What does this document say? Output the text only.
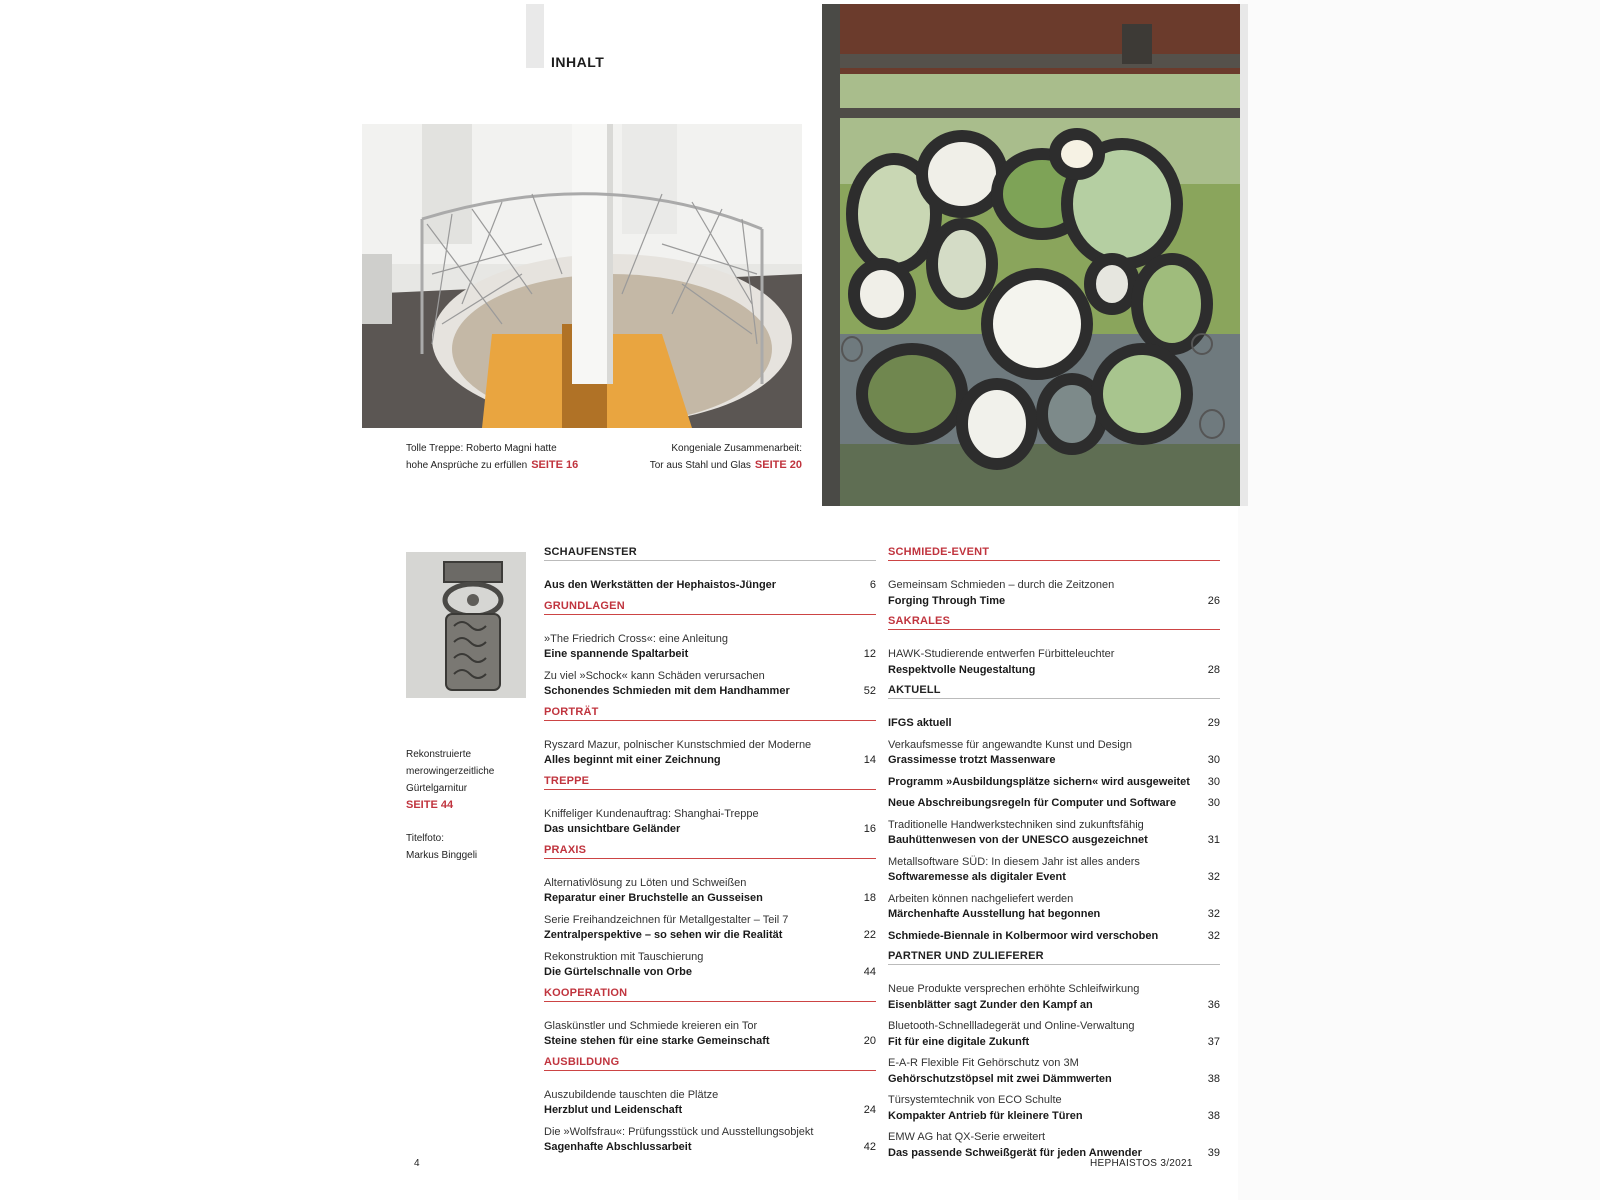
INHALT
Tolle Treppe: Roberto Magni hatte
hohe Ansprüche zu erfüllen SEITE 16
Kongeniale Zusammenarbeit:
Tor aus Stahl und Glas SEITE 20
Rekonstruierte
merowingerzeitliche
Gürtelgarnitur
SEITE 44
Titelfoto:
Markus Binggeli
SCHAUFENSTER
Aus den Werkstätten der Hephaistos-Jünger	6
GRUNDLAGEN
»The Friedrich Cross«: eine Anleitung
Eine spannende Spaltarbeit	12
Zu viel »Schock« kann Schäden verursachen
Schonendes Schmieden mit dem Handhammer	52
PORTRÄT
Ryszard Mazur, polnischer Kunstschmied der Moderne
Alles beginnt mit einer Zeichnung	14
TREPPE
Kniffeliger Kundenauftrag: Shanghai-Treppe
Das unsichtbare Geländer	16
PRAXIS
Alternativlösung zu Löten und Schweißen
Reparatur einer Bruchstelle an Gusseisen	18
Serie Freihandzeichnen für Metallgestalter – Teil 7
Zentralperspektive – so sehen wir die Realität	22
Rekonstruktion mit Tauschierung
Die Gürtelschnalle von Orbe	44
KOOPERATION
Glaskünstler und Schmiede kreieren ein Tor
Steine stehen für eine starke Gemeinschaft	20
AUSBILDUNG
Auszubildende tauschten die Plätze
Herzblut und Leidenschaft	24
Die »Wolfsfrau«: Prüfungsstück und Ausstellungsobjekt
Sagenhafte Abschlussarbeit	42
SCHMIEDE-EVENT
Gemeinsam Schmieden – durch die Zeitzonen
Forging Through Time	26
SAKRALES
HAWK-Studierende entwerfen Fürbitteleuchter
Respektvolle Neugestaltung	28
AKTUELL
IFGS aktuell	29
Verkaufsmesse für angewandte Kunst und Design
Grassimesse trotzt Massenware	30
Programm »Ausbildungsplätze sichern« wird ausgeweitet 30
Neue Abschreibungsregeln für Computer und Software	30
Traditionelle Handwerkstechniken sind zukunftsfähig
Bauhüttenwesen von der UNESCO ausgezeichnet	31
Metallsoftware SÜD: In diesem Jahr ist alles anders
Softwaremesse als digitaler Event	32
Arbeiten können nachgeliefert werden
Märchenhafte Ausstellung hat begonnen	32
Schmiede-Biennale in Kolbermoor wird verschoben	32
PARTNER UND ZULIEFERER
Neue Produkte versprechen erhöhte Schleifwirkung
Eisenblätter sagt Zunder den Kampf an	36
Bluetooth-Schnellladegerät und Online-Verwaltung
Fit für eine digitale Zukunft	37
E-A-R Flexible Fit Gehörschutz von 3M
Gehörschutzstöpsel mit zwei Dämmwerten	38
Türsystemtechnik von ECO Schulte
Kompakter Antrieb für kleinere Türen	38
EMW AG hat QX-Serie erweitert
Das passende Schweißgerät für jeden Anwender	39
4	HEPHAISTOS 3/2021
